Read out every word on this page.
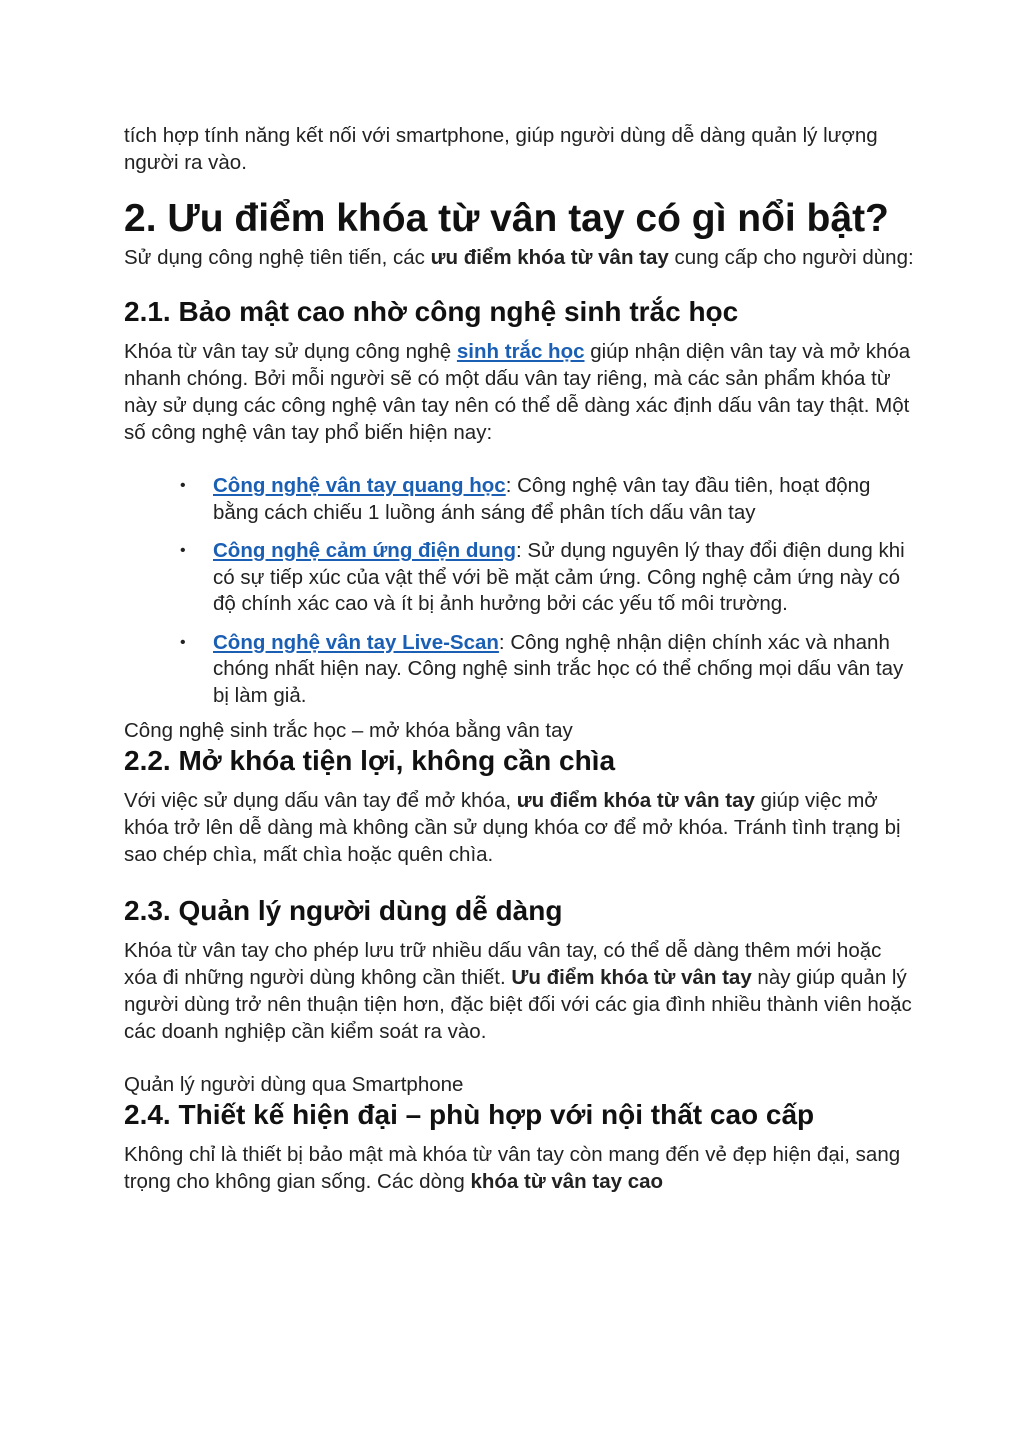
tích hợp tính năng kết nối với smartphone, giúp người dùng dễ dàng quản lý lượng người ra vào.

2. Ưu điểm khóa từ vân tay có gì nổi bật?

Sử dụng công nghệ tiên tiến, các ưu điểm khóa từ vân tay cung cấp cho người dùng:

2.1. Bảo mật cao nhờ công nghệ sinh trắc học

Khóa từ vân tay sử dụng công nghệ sinh trắc học giúp nhận diện vân tay và mở khóa nhanh chóng. Bởi mỗi người sẽ có một dấu vân tay riêng, mà các sản phẩm khóa từ này sử dụng các công nghệ vân tay nên có thể dễ dàng xác định dấu vân tay thật. Một số công nghệ vân tay phổ biến hiện nay:

• Công nghệ vân tay quang học: Công nghệ vân tay đầu tiên, hoạt động bằng cách chiếu 1 luồng ánh sáng để phân tích dấu vân tay
• Công nghệ cảm ứng điện dung: Sử dụng nguyên lý thay đổi điện dung khi có sự tiếp xúc của vật thể với bề mặt cảm ứng. Công nghệ cảm ứng này có độ chính xác cao và ít bị ảnh hưởng bởi các yếu tố môi trường.
• Công nghệ vân tay Live-Scan: Công nghệ nhận diện chính xác và nhanh chóng nhất hiện nay. Công nghệ sinh trắc học có thể chống mọi dấu vân tay bị làm giả.

Công nghệ sinh trắc học – mở khóa bằng vân tay

2.2. Mở khóa tiện lợi, không cần chìa

Với việc sử dụng dấu vân tay để mở khóa, ưu điểm khóa từ vân tay giúp việc mở khóa trở lên dễ dàng mà không cần sử dụng khóa cơ để mở khóa. Tránh tình trạng bị sao chép chìa, mất chìa hoặc quên chìa.

2.3. Quản lý người dùng dễ dàng

Khóa từ vân tay cho phép lưu trữ nhiều dấu vân tay, có thể dễ dàng thêm mới hoặc xóa đi những người dùng không cần thiết. Ưu điểm khóa từ vân tay này giúp quản lý người dùng trở nên thuận tiện hơn, đặc biệt đối với các gia đình nhiều thành viên hoặc các doanh nghiệp cần kiểm soát ra vào.

Quản lý người dùng qua Smartphone

2.4. Thiết kế hiện đại – phù hợp với nội thất cao cấp

Không chỉ là thiết bị bảo mật mà khóa từ vân tay còn mang đến vẻ đẹp hiện đại, sang trọng cho không gian sống. Các dòng khóa từ vân tay cao
